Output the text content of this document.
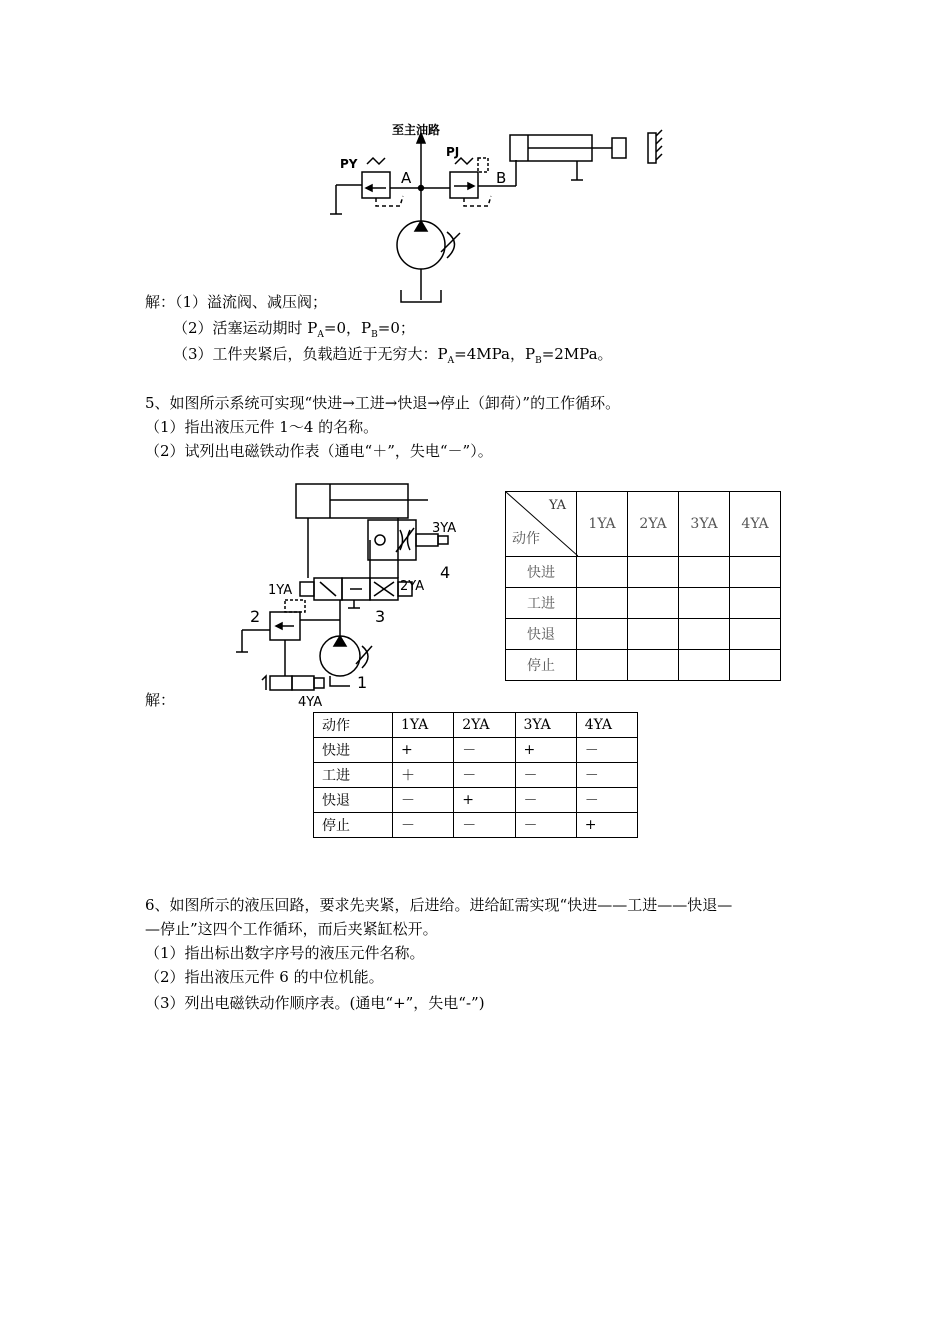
至主油路
PY
PJ
A	B
解：（1）溢流阀、减压阀；
（2）活塞运动期时 $P_A=0$，$P_B=0$；
（3）工件夹紧后，负载趋近于无穷大：$P_A=4MPa$，$P_B=2MPa$。
5、如图所示系统可实现“快进→工进→快退→停止（卸荷）”的工作循环。
（1）指出液压元件 1～4 的名称。
（2）试列出电磁铁动作表（通电“＋”，失电“－”）。
3YA
4
1YA	2YA
3
2
1
4YA
YA
动作	1YA	2YA	3YA	4YA
快进				
工进				
快退				
停止				
解：
动作	1YA	2YA	3YA	4YA
快进	+	－	+	－
工进	＋	－	－	－
快退	－	+	－	－
停止	－	－	－	+
6、如图所示的液压回路，要求先夹紧，后进给。进给缸需实现“快进——工进——快退—
—停止”这四个工作循环，而后夹紧缸松开。
（1）指出标出数字序号的液压元件名称。
（2）指出液压元件 6 的中位机能。
（3）列出电磁铁动作顺序表。(通电“+”，失电“-”)
